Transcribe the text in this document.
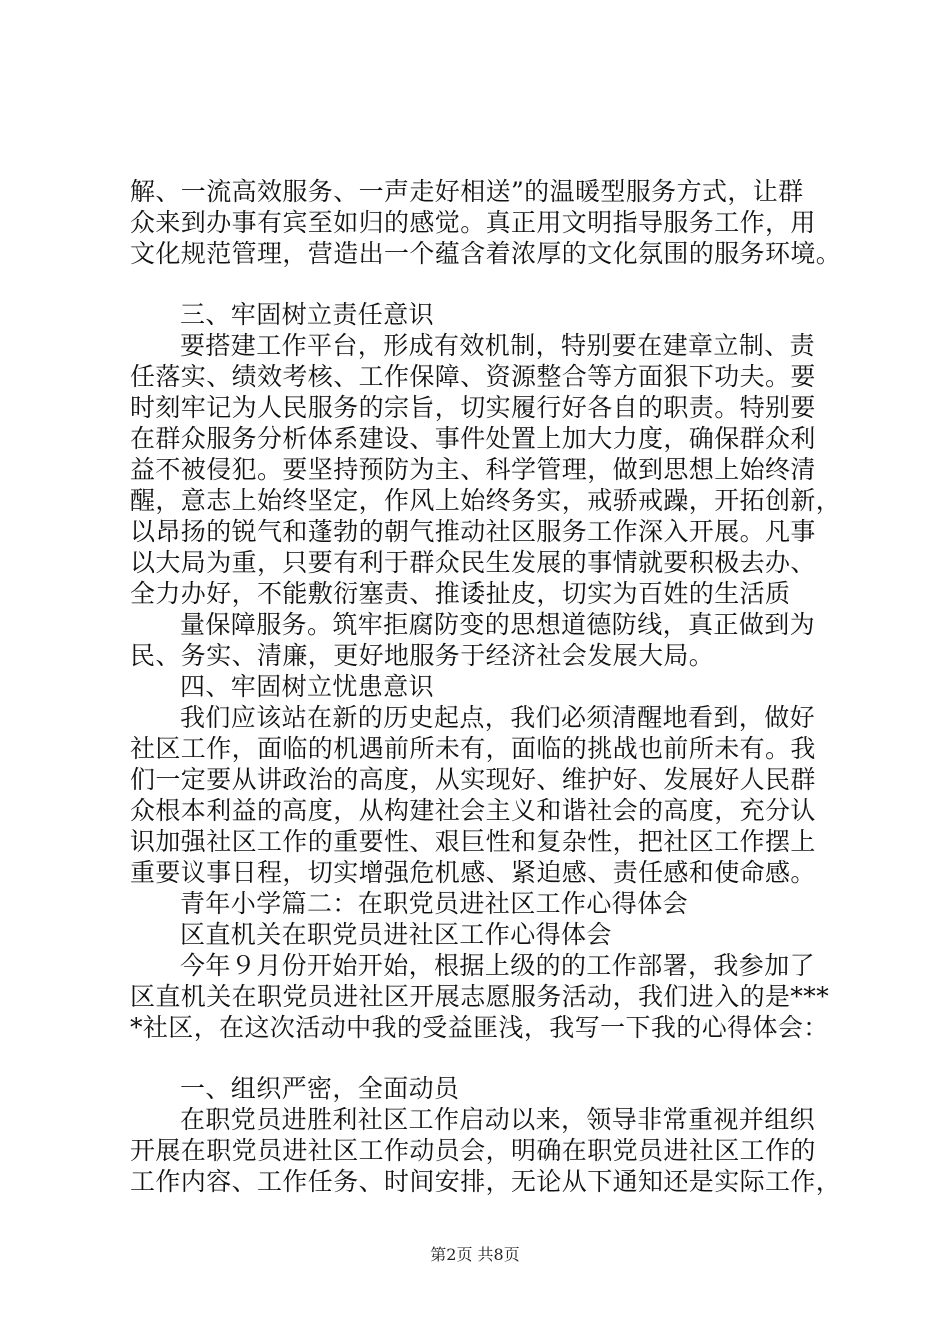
解、一流高效服务、一声走好相送”的温暖型服务方式，让群
众来到办事有宾至如归的感觉。真正用文明指导服务工作，用
文化规范管理，营造出一个蕴含着浓厚的文化氛围的服务环境。
三、牢固树立责任意识
要搭建工作平台，形成有效机制，特别要在建章立制、责
任落实、绩效考核、工作保障、资源整合等方面狠下功夫。要
时刻牢记为人民服务的宗旨，切实履行好各自的职责。特别要
在群众服务分析体系建设、事件处置上加大力度，确保群众利
益不被侵犯。要坚持预防为主、科学管理，做到思想上始终清
醒，意志上始终坚定，作风上始终务实，戒骄戒躁，开拓创新，
以昂扬的锐气和蓬勃的朝气推动社区服务工作深入开展。凡事
以大局为重，只要有利于群众民生发展的事情就要积极去办、
全力办好，不能敷衍塞责、推诿扯皮，切实为百姓的生活质
量保障服务。筑牢拒腐防变的思想道德防线，真正做到为
民、务实、清廉，更好地服务于经济社会发展大局。
四、牢固树立忧患意识
我们应该站在新的历史起点，我们必须清醒地看到，做好
社区工作，面临的机遇前所未有，面临的挑战也前所未有。我
们一定要从讲政治的高度，从实现好、维护好、发展好人民群
众根本利益的高度，从构建社会主义和谐社会的高度，充分认
识加强社区工作的重要性、艰巨性和复杂性，把社区工作摆上
重要议事日程，切实增强危机感、紧迫感、责任感和使命感。
青年小学篇二：在职党员进社区工作心得体会
区直机关在职党员进社区工作心得体会
今年９月份开始开始，根据上级的的工作部署，我参加了
区直机关在职党员进社区开展志愿服务活动，我们进入的是***
*社区，在这次活动中我的受益匪浅，我写一下我的心得体会：
一、组织严密，全面动员
在职党员进胜利社区工作启动以来，领导非常重视并组织
开展在职党员进社区工作动员会，明确在职党员进社区工作的
工作内容、工作任务、时间安排，无论从下通知还是实际工作，
第2页 共8页
